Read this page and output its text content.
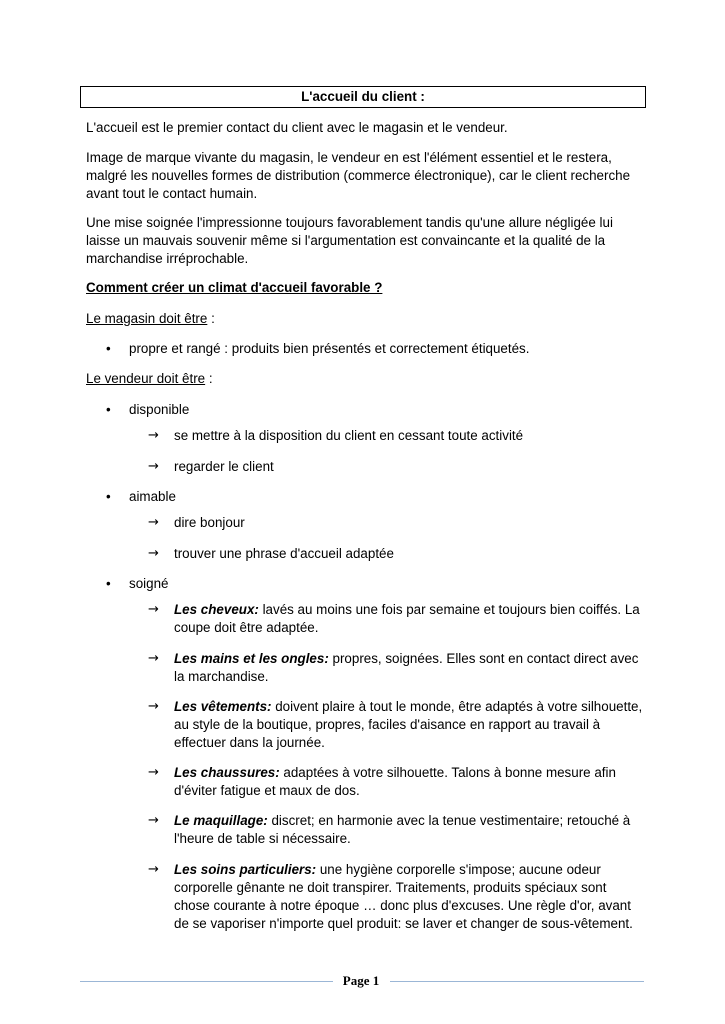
L'accueil du client :

L'accueil est le premier contact du client avec le magasin et le vendeur.

Image de marque vivante du magasin, le vendeur en est l'élément essentiel et le restera, malgré les nouvelles formes de distribution (commerce électronique), car le client recherche avant tout le contact humain.

Une mise soignée l'impressionne toujours favorablement tandis qu'une allure négligée lui laisse un mauvais souvenir même si l'argumentation est convaincante et la qualité de la marchandise irréprochable.

Comment créer un climat d'accueil favorable ?

Le magasin doit être :

• propre et rangé : produits bien présentés et correctement étiquetés.

Le vendeur doit être :

• disponible
→ se mettre à la disposition du client en cessant toute activité
→ regarder le client
• aimable
→ dire bonjour
→ trouver une phrase d'accueil adaptée
• soigné
→ Les cheveux: lavés au moins une fois par semaine et toujours bien coiffés. La coupe doit être adaptée.
→ Les mains et les ongles: propres, soignées. Elles sont en contact direct avec la marchandise.
→ Les vêtements: doivent plaire à tout le monde, être adaptés à votre silhouette, au style de la boutique, propres, faciles d'aisance en rapport au travail à effectuer dans la journée.
→ Les chaussures: adaptées à votre silhouette. Talons à bonne mesure afin d'éviter fatigue et maux de dos.
→ Le maquillage: discret; en harmonie avec la tenue vestimentaire; retouché à l'heure de table si nécessaire.
→ Les soins particuliers: une hygiène corporelle s'impose; aucune odeur corporelle gênante ne doit transpirer. Traitements, produits spéciaux sont chose courante à notre époque … donc plus d'excuses. Une règle d'or, avant de se vaporiser n'importe quel produit: se laver et changer de sous-vêtement.
Page 1
